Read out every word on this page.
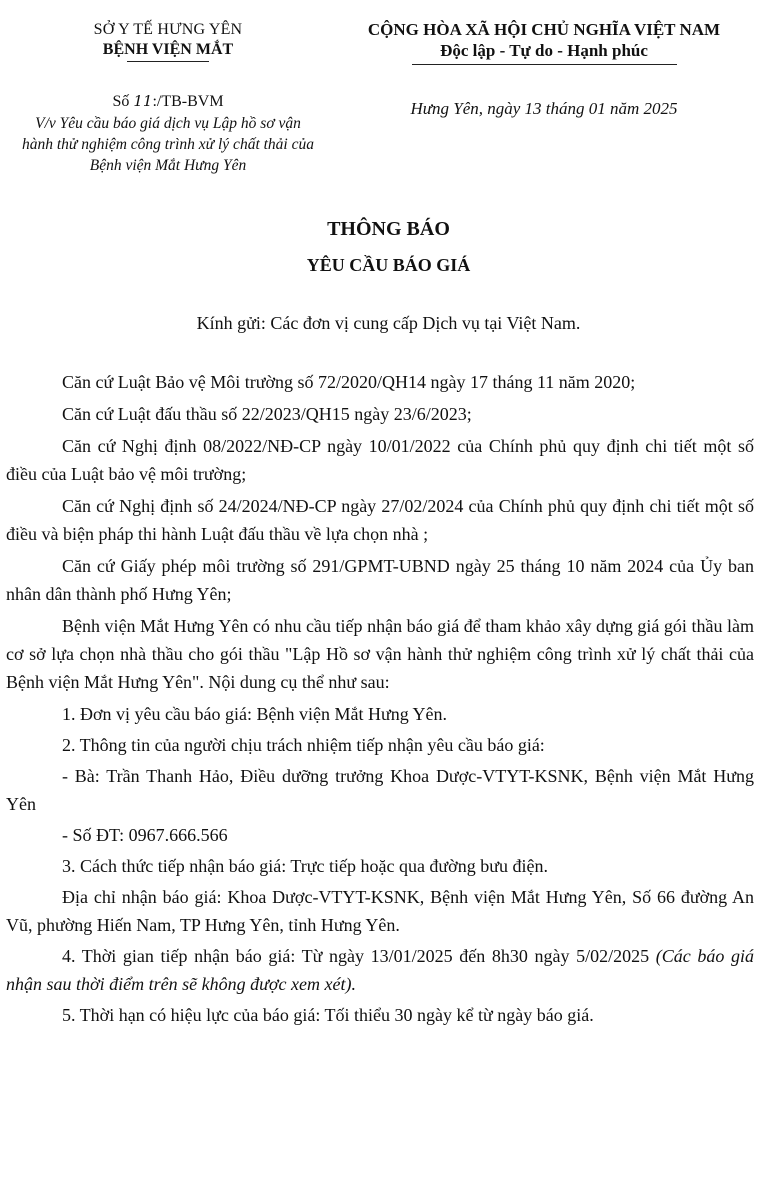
SỞ Y TẾ HƯNG YÊN
BỆNH VIỆN MẮT
CỘNG HÒA XÃ HỘI CHỦ NGHĨA VIỆT NAM
Độc lập - Tự do - Hạnh phúc
Số 11:/TB-BVM
V/v Yêu cầu báo giá dịch vụ Lập hồ sơ vận hành thử nghiệm công trình xử lý chất thải của Bệnh viện Mắt Hưng Yên
Hưng Yên, ngày 13 tháng 01 năm 2025
THÔNG BÁO
YÊU CẦU BÁO GIÁ
Kính gửi: Các đơn vị cung cấp Dịch vụ tại Việt Nam.

Căn cứ Luật Bảo vệ Môi trường số 72/2020/QH14 ngày 17 tháng 11 năm 2020;

Căn cứ Luật đấu thầu số 22/2023/QH15 ngày 23/6/2023;

Căn cứ Nghị định 08/2022/NĐ-CP ngày 10/01/2022 của Chính phủ quy định chi tiết một số điều của Luật bảo vệ môi trường;

Căn cứ Nghị định số 24/2024/NĐ-CP ngày 27/02/2024 của Chính phủ quy định chi tiết một số điều và biện pháp thi hành Luật đấu thầu về lựa chọn nhà ;

Căn cứ Giấy phép môi trường số 291/GPMT-UBND ngày 25 tháng 10 năm 2024 của Ủy ban nhân dân thành phố Hưng Yên;

Bệnh viện Mắt Hưng Yên có nhu cầu tiếp nhận báo giá để tham khảo xây dựng giá gói thầu làm cơ sở lựa chọn nhà thầu cho gói thầu "Lập Hồ sơ vận hành thử nghiệm công trình xử lý chất thải của Bệnh viện Mắt Hưng Yên". Nội dung cụ thể như sau:

1. Đơn vị yêu cầu báo giá: Bệnh viện Mắt Hưng Yên.

2. Thông tin của người chịu trách nhiệm tiếp nhận yêu cầu báo giá:

- Bà: Trần Thanh Hảo, Điều dưỡng trưởng Khoa Dược-VTYT-KSNK, Bệnh viện Mắt Hưng Yên

- Số ĐT: 0967.666.566

3. Cách thức tiếp nhận báo giá: Trực tiếp hoặc qua đường bưu điện.

Địa chỉ nhận báo giá: Khoa Dược-VTYT-KSNK, Bệnh viện Mắt Hưng Yên, Số 66 đường An Vũ, phường Hiến Nam, TP Hưng Yên, tỉnh Hưng Yên.

4. Thời gian tiếp nhận báo giá: Từ ngày 13/01/2025 đến 8h30 ngày 5/02/2025 (Các báo giá nhận sau thời điểm trên sẽ không được xem xét).

5. Thời hạn có hiệu lực của báo giá: Tối thiểu 30 ngày kể từ ngày báo giá.
